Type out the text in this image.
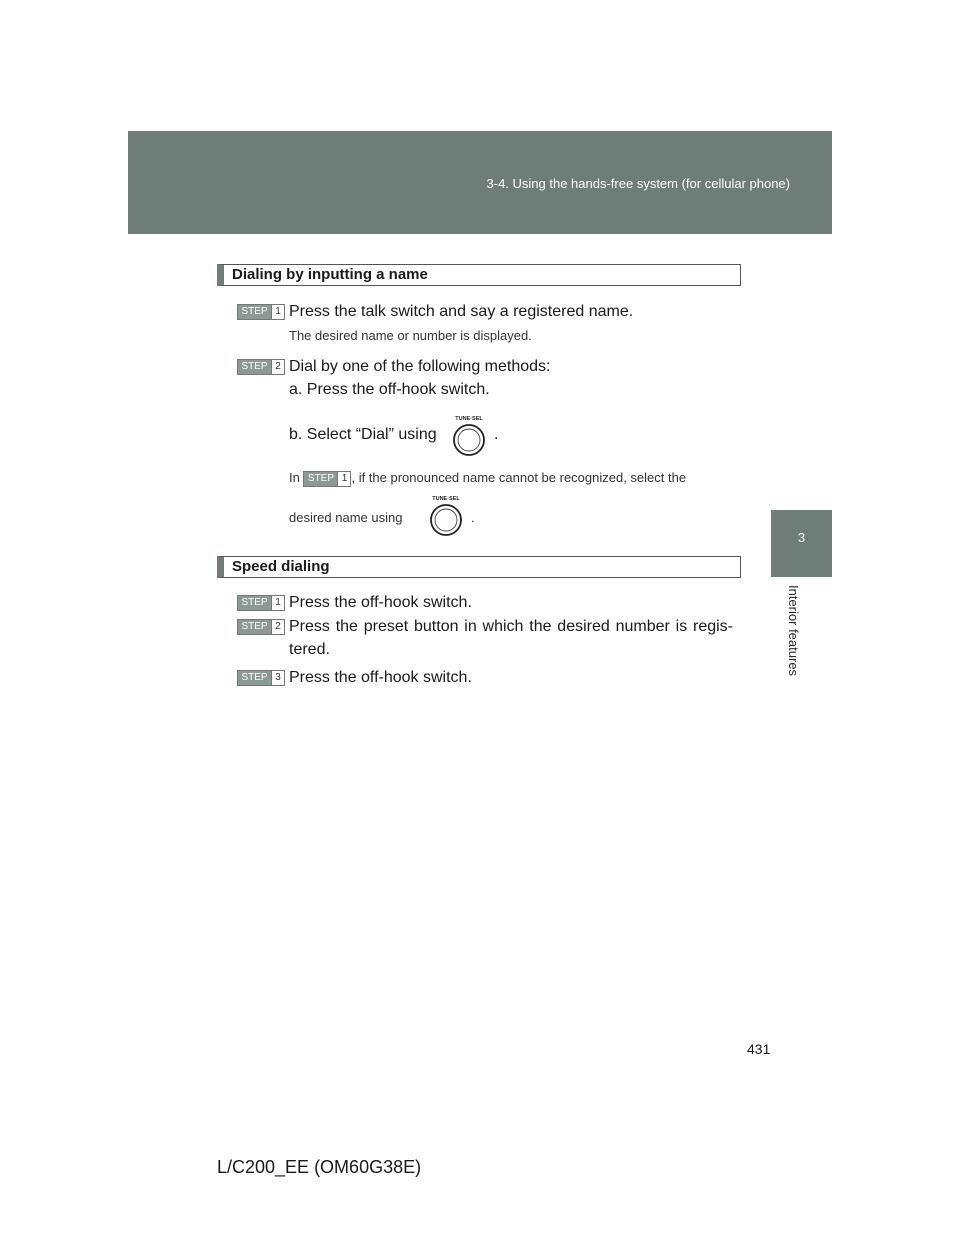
3-4. Using the hands-free system (for cellular phone)
3
Interior features
Dialing by inputting a name
STEP 1 Press the talk switch and say a registered name.
The desired name or number is displayed.
STEP 2 Dial by one of the following methods:
a. Press the off-hook switch.
b. Select “Dial” using
TUNE·SEL
.
In STEP 1 , if the pronounced name cannot be recognized, select the
desired name using
TUNE·SEL
.
Speed dialing
STEP 1 Press the off-hook switch.
STEP 2 Press the preset button in which the desired number is regis-tered.
STEP 3 Press the off-hook switch.
431
L/C200_EE (OM60G38E)
